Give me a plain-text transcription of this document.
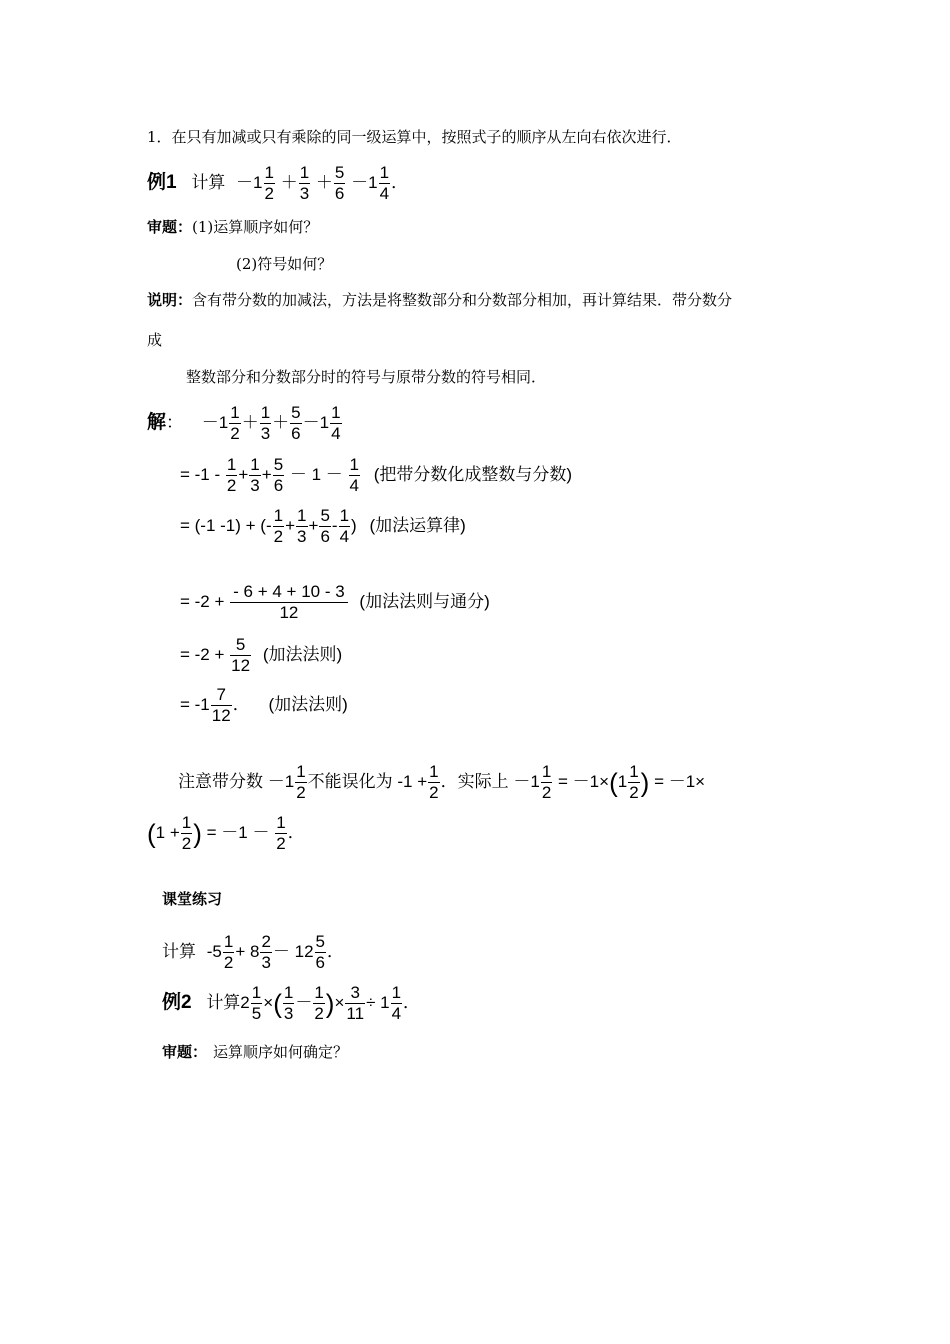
1．在只有加减或只有乘除的同一级运算中，按照式子的顺序从左向右依次进行．
例1 计算 $-1 \frac{1}{2} + \frac{1}{3} + \frac{5}{6} -1 \frac{1}{4}$ ．
审题：(1)运算顺序如何？
(2)符号如何？
说明：含有带分数的加减法，方法是将整数部分和分数部分相加，再计算结果．带分数分
成
整数部分和分数部分时的符号与原带分数的符号相同．
解： $-1 \frac{1}{2} + \frac{1}{3} + \frac{5}{6} -1 \frac{1}{4}$
= $-1 - \frac{1}{2} + \frac{1}{3} + \frac{5}{6} - 1 - \frac{1}{4}$ (把带分数化成整数与分数)
= (-1 -1) + (- $\frac{1}{2} + \frac{1}{3} + \frac{5}{6} - \frac{1}{4}$ ) (加法运算律)
= $-2 + \frac{- 6 + 4 + 10 - 3}{12}$ (加法法则与通分)
= $-2 + \frac{5}{12}$ (加法法则)
= $-1 \frac{7}{12}$ ． (加法法则)
注意带分数 $-1 \frac{1}{2}$ 不能误化为 $-1 + \frac{1}{2}$ ．实际上 $-1 \frac{1}{2} = -1\times(1 \frac{1}{2}$ ) = －1×
($1 + \frac{1}{2}$ ) = $-1 - \frac{1}{2}$ ．
课堂练习
计算 $-5 \frac{1}{2} + 8 \frac{2}{3} - 12 \frac{5}{6}$ ．
例2 计算$2 \frac{1}{5}$ ×( $\frac{1}{3} - \frac{1}{2}$ )× $\frac{3}{11} \div 1 \frac{1}{4}$ ．
审题： 运算顺序如何确定？
